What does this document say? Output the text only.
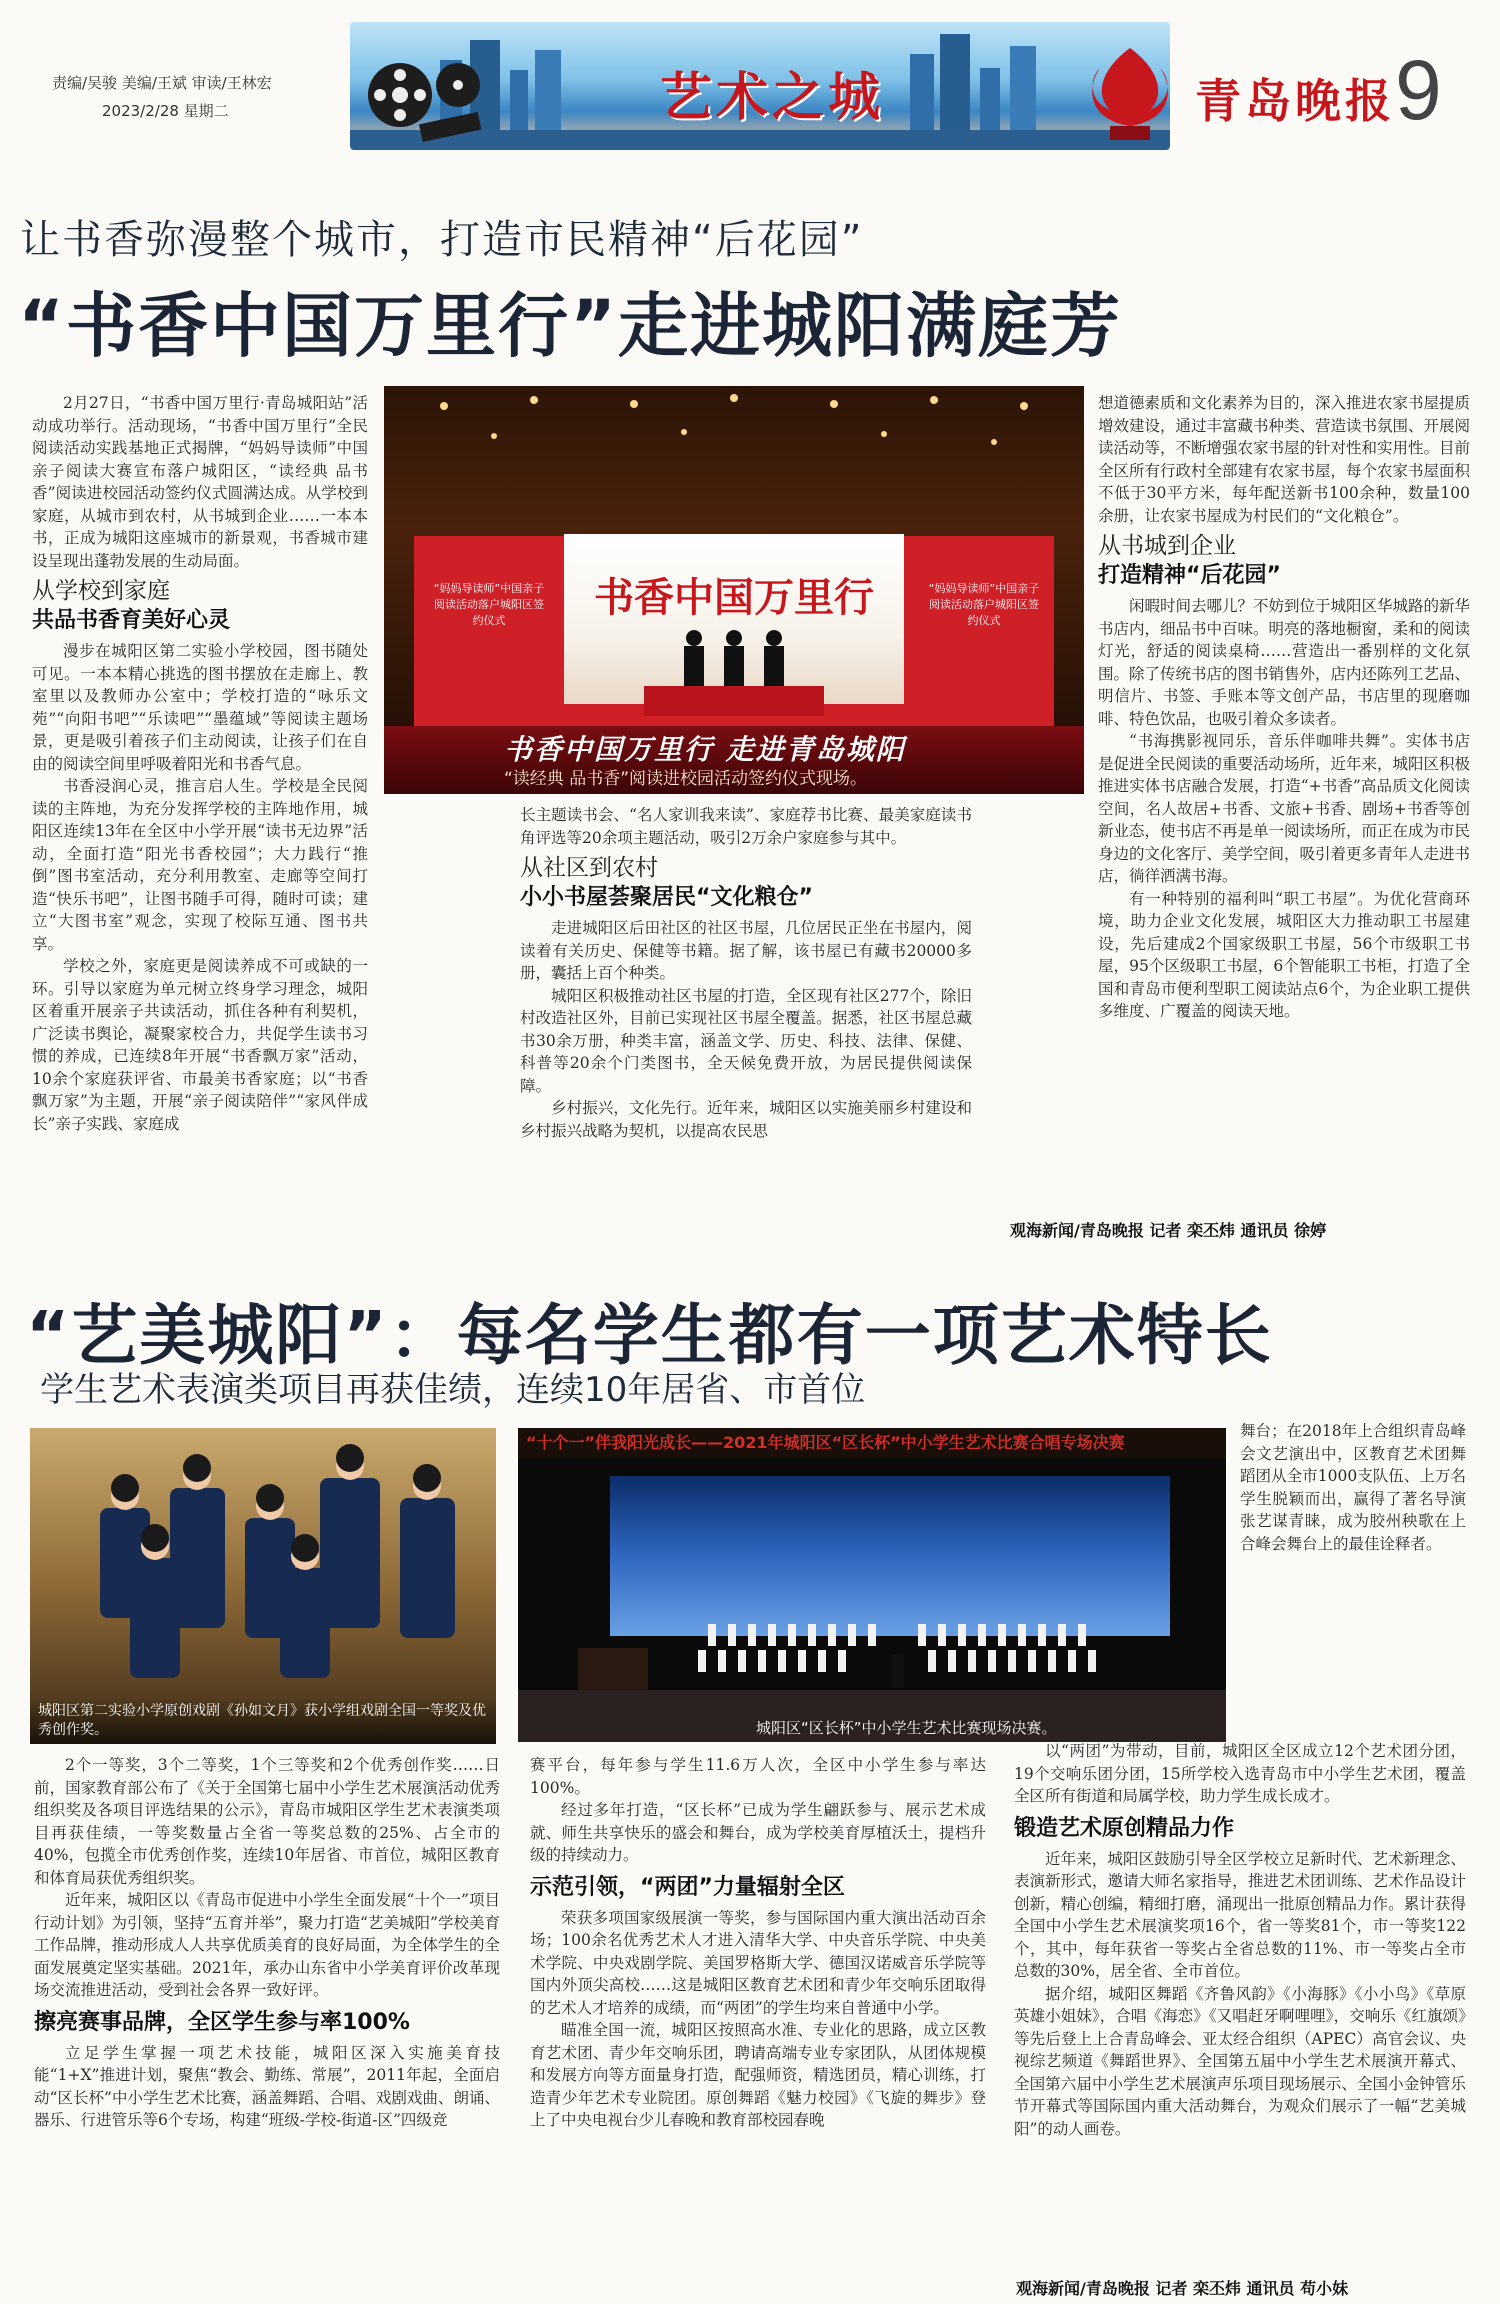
责编/吴骏 美编/王斌 审读/王林宏
2023/2/28 星期二	艺术之城	青岛晚报 9
让书香弥漫整个城市，打造市民精神“后花园”
“书香中国万里行”走进城阳满庭芳
书香中国万里行
“妈妈导读师”中国亲子阅读活动落户城阳区签约仪式
“妈妈导读师”中国亲子阅读活动落户城阳区签约仪式
书香中国万里行 走进青岛城阳
“读经典 品书香”阅读进校园活动签约仪式现场。

2月27日，“书香中国万里行·青岛城阳站”活动成功举行。活动现场，“书香中国万里行”全民阅读活动实践基地正式揭牌，“妈妈导读师”中国亲子阅读大赛宣布落户城阳区，“读经典 品书香”阅读进校园活动签约仪式圆满达成。从学校到家庭，从城市到农村，从书城到企业……一本本书，正成为城阳这座城市的新景观，书香城市建设呈现出蓬勃发展的生动局面。

从学校到家庭
共品书香育美好心灵

漫步在城阳区第二实验小学校园，图书随处可见。一本本精心挑选的图书摆放在走廊上、教室里以及教师办公室中；学校打造的“咏乐文苑”“向阳书吧”“乐读吧”“墨蕴域”等阅读主题场景，更是吸引着孩子们主动阅读，让孩子们在自由的阅读空间里呼吸着阳光和书香气息。

书香浸润心灵，推言启人生。学校是全民阅读的主阵地，为充分发挥学校的主阵地作用，城阳区连续13年在全区中小学开展“读书无边界”活动，全面打造“阳光书香校园”；大力践行“推倒”图书室活动，充分利用教室、走廊等空间打造“快乐书吧”，让图书随手可得，随时可读；建立“大图书室”观念，实现了校际互通、图书共享。

学校之外，家庭更是阅读养成不可或缺的一环。引导以家庭为单元树立终身学习理念，城阳区着重开展亲子共读活动，抓住各种有利契机，广泛读书舆论，凝聚家校合力，共促学生读书习惯的养成，已连续8年开展“书香飘万家”活动，10余个家庭获评省、市最美书香家庭；以“书香飘万家”为主题，开展“亲子阅读陪伴”“家风伴成长”亲子实践、家庭成

长主题读书会、“名人家训我来读”、家庭荐书比赛、最美家庭读书角评选等20余项主题活动，吸引2万余户家庭参与其中。

从社区到农村
小小书屋荟聚居民“文化粮仓”

走进城阳区后田社区的社区书屋，几位居民正坐在书屋内，阅读着有关历史、保健等书籍。据了解，该书屋已有藏书20000多册，囊括上百个种类。

城阳区积极推动社区书屋的打造，全区现有社区277个，除旧村改造社区外，目前已实现社区书屋全覆盖。据悉，社区书屋总藏书30余万册，种类丰富，涵盖文学、历史、科技、法律、保健、科普等20余个门类图书，全天候免费开放，为居民提供阅读保障。

乡村振兴，文化先行。近年来，城阳区以实施美丽乡村建设和乡村振兴战略为契机，以提高农民思

想道德素质和文化素养为目的，深入推进农家书屋提质增效建设，通过丰富藏书种类、营造读书氛围、开展阅读活动等，不断增强农家书屋的针对性和实用性。目前全区所有行政村全部建有农家书屋，每个农家书屋面积不低于30平方米，每年配送新书100余种，数量100余册，让农家书屋成为村民们的“文化粮仓”。

从书城到企业
打造精神“后花园”

闲暇时间去哪儿？不妨到位于城阳区华城路的新华书店内，细品书中百味。明亮的落地橱窗，柔和的阅读灯光，舒适的阅读桌椅……营造出一番别样的文化氛围。除了传统书店的图书销售外，店内还陈列工艺品、明信片、书签、手账本等文创产品，书店里的现磨咖啡、特色饮品，也吸引着众多读者。

“书海携影视同乐，音乐伴咖啡共舞”。实体书店是促进全民阅读的重要活动场所，近年来，城阳区积极推进实体书店融合发展，打造“+书香”高品质文化阅读空间，名人故居+书香、文旅+书香、剧场+书香等创新业态，使书店不再是单一阅读场所，而正在成为市民身边的文化客厅、美学空间，吸引着更多青年人走进书店，徜徉洒满书海。

有一种特别的福利叫“职工书屋”。为优化营商环境，助力企业文化发展，城阳区大力推动职工书屋建设，先后建成2个国家级职工书屋，56个市级职工书屋，95个区级职工书屋，6个智能职工书柜，打造了全国和青岛市便利型职工阅读站点6个，为企业职工提供多维度、广覆盖的阅读天地。

观海新闻/青岛晚报 记者 栾丕炜 通讯员 徐婷
“艺美城阳”：每名学生都有一项艺术特长
学生艺术表演类项目再获佳绩，连续10年居省、市首位
城阳区第二实验小学原创戏剧《孙如文月》获小学组戏剧全国一等奖及优秀创作奖。
“十个一”伴我阳光成长——2021年城阳区“区长杯”中小学生艺术比赛合唱专场决赛
城阳区“区长杯”中小学生艺术比赛现场决赛。

2个一等奖，3个二等奖，1个三等奖和2个优秀创作奖……日前，国家教育部公布了《关于全国第七届中小学生艺术展演活动优秀组织奖及各项目评选结果的公示》，青岛市城阳区学生艺术表演类项目再获佳绩，一等奖数量占全省一等奖总数的25%、占全市的40%，包揽全市优秀创作奖，连续10年居省、市首位，城阳区教育和体育局获优秀组织奖。

近年来，城阳区以《青岛市促进中小学生全面发展“十个一”项目行动计划》为引领，坚持“五育并举”，聚力打造“艺美城阳”学校美育工作品牌，推动形成人人共享优质美育的良好局面，为全体学生的全面发展奠定坚实基础。2021年，承办山东省中小学美育评价改革现场交流推进活动，受到社会各界一致好评。

擦亮赛事品牌，全区学生参与率100%

立足学生掌握一项艺术技能，城阳区深入实施美育技能“1+X”推进计划，聚焦“教会、勤练、常展”，2011年起，全面启动“区长杯”中小学生艺术比赛，涵盖舞蹈、合唱、戏剧戏曲、朗诵、器乐、行进管乐等6个专场，构建“班级-学校-街道-区”四级竞

赛平台，每年参与学生11.6万人次，全区中小学生参与率达100%。

经过多年打造，“区长杯”已成为学生翩跃参与、展示艺术成就、师生共享快乐的盛会和舞台，成为学校美育厚植沃土，提档升级的持续动力。

示范引领，“两团”力量辐射全区

荣获多项国家级展演一等奖，参与国际国内重大演出活动百余场；100余名优秀艺术人才进入清华大学、中央音乐学院、中央美术学院、中央戏剧学院、美国罗格斯大学、德国汉诺威音乐学院等国内外顶尖高校……这是城阳区教育艺术团和青少年交响乐团取得的艺术人才培养的成绩，而“两团”的学生均来自普通中小学。

瞄准全国一流，城阳区按照高水准、专业化的思路，成立区教育艺术团、青少年交响乐团，聘请高端专业专家团队，从团体规模和发展方向等方面量身打造，配强师资，精选团员，精心训练，打造青少年艺术专业院团。原创舞蹈《魅力校园》《飞旋的舞步》登上了中央电视台少儿春晚和教育部校园春晚

舞台；在2018年上合组织青岛峰会文艺演出中，区教育艺术团舞蹈团从全市1000支队伍、上万名学生脱颖而出，赢得了著名导演张艺谋青睐，成为胶州秧歌在上合峰会舞台上的最佳诠释者。

以“两团”为带动，目前，城阳区全区成立12个艺术团分团，19个交响乐团分团，15所学校入选青岛市中小学生艺术团，覆盖全区所有街道和局属学校，助力学生成长成才。

锻造艺术原创精品力作

近年来，城阳区鼓励引导全区学校立足新时代、艺术新理念、表演新形式，邀请大师名家指导，推进艺术团训练、艺术作品设计创新，精心创编，精细打磨，涌现出一批原创精品力作。累计获得全国中小学生艺术展演奖项16个，省一等奖81个，市一等奖122个，其中，每年获省一等奖占全省总数的11%、市一等奖占全市总数的30%，居全省、全市首位。

据介绍，城阳区舞蹈《齐鲁风韵》《小海豚》《小小鸟》《草原英雄小姐妹》，合唱《海恋》《又唱赶牙啊哩哩》，交响乐《红旗颂》等先后登上上合青岛峰会、亚太经合组织（APEC）高官会议、央视综艺频道《舞蹈世界》、全国第五届中小学生艺术展演开幕式、全国第六届中小学生艺术展演声乐项目现场展示、全国小金钟管乐节开幕式等国际国内重大活动舞台，为观众们展示了一幅“艺美城阳”的动人画卷。

观海新闻/青岛晚报 记者 栾丕炜 通讯员 苟小妹
